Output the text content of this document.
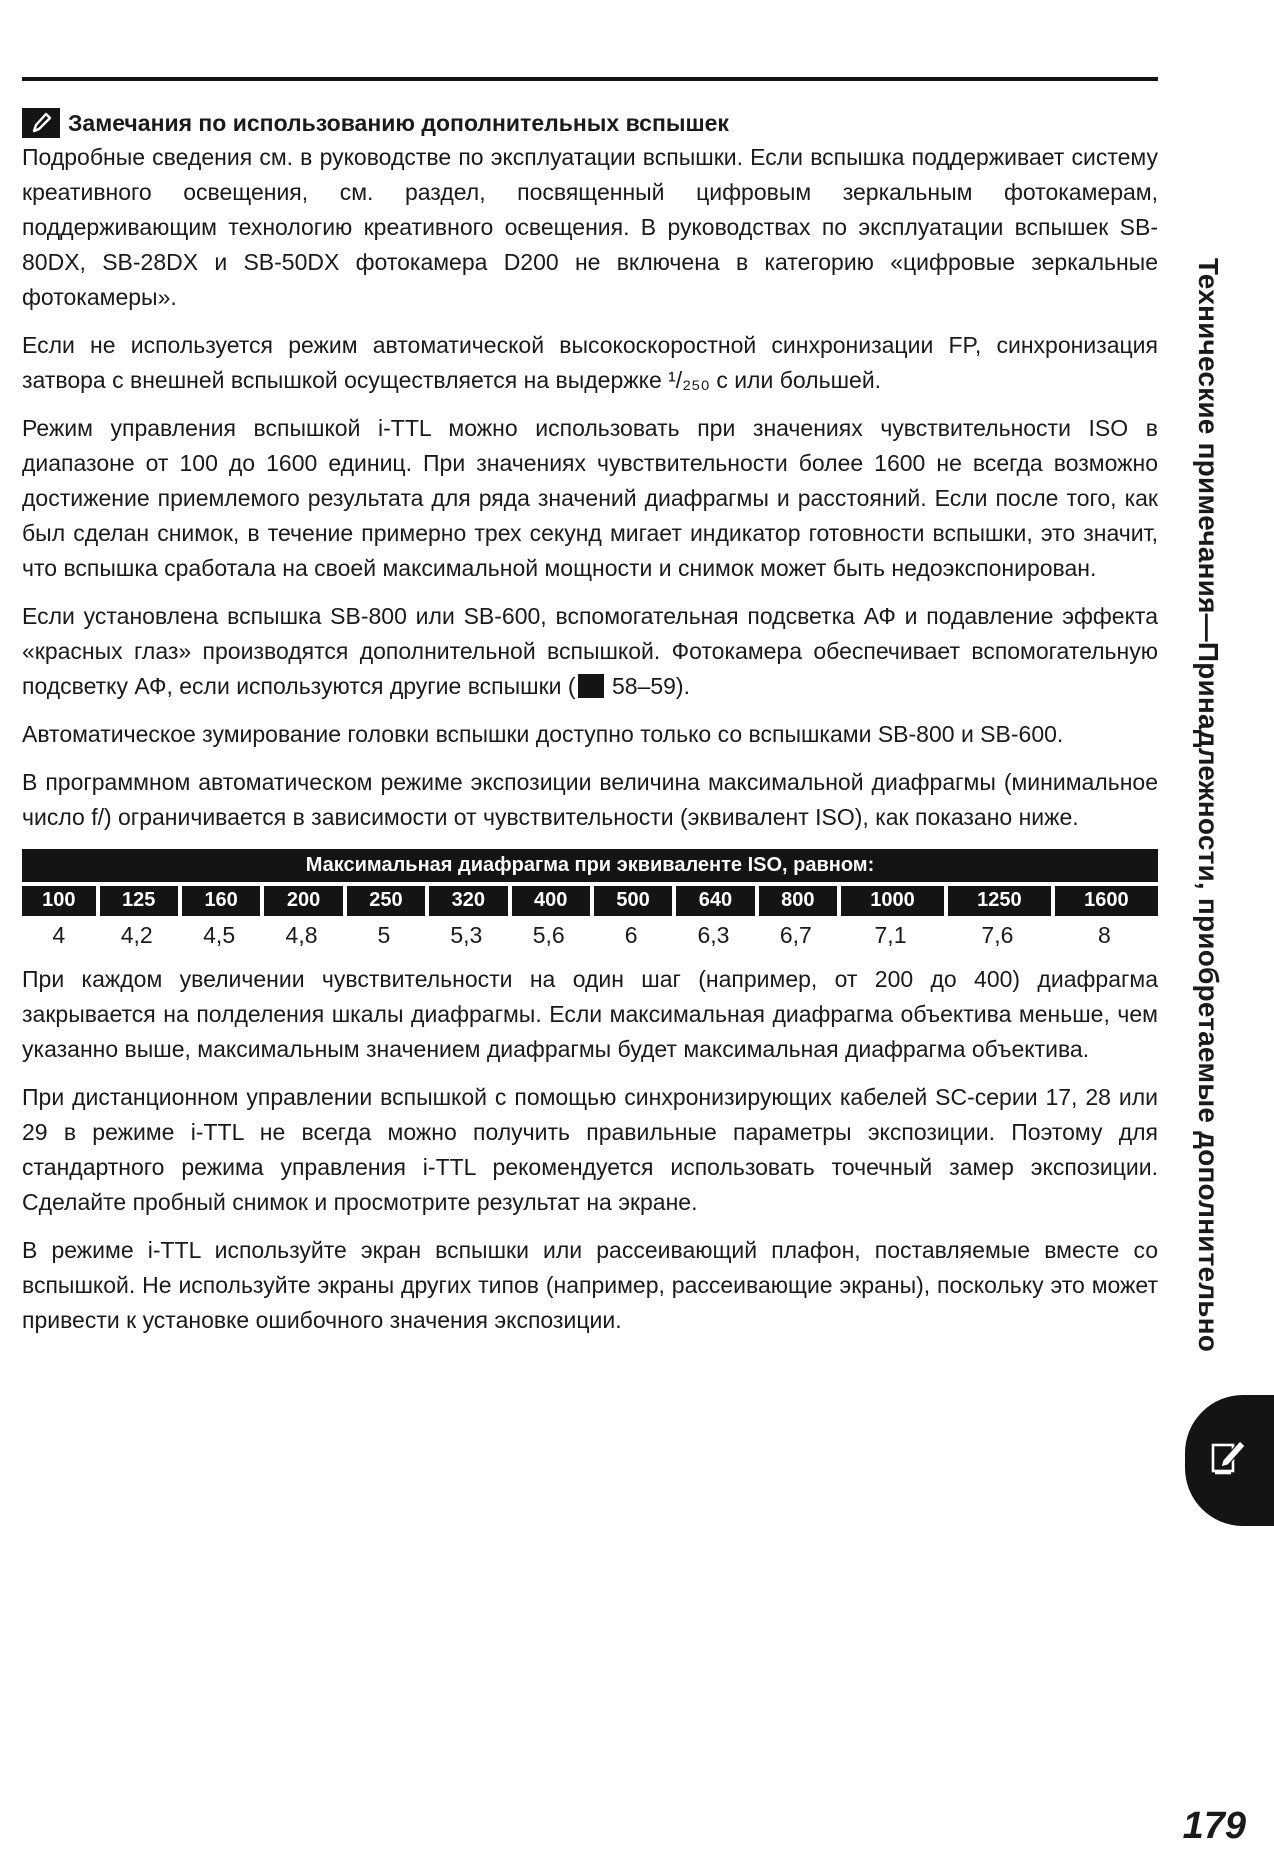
Замечания по использованию дополнительных вспышек

Подробные сведения см. в руководстве по эксплуатации вспышки. Если вспышка поддерживает систему креативного освещения, см. раздел, посвященный цифровым зеркальным фотокамерам, поддерживающим технологию креативного освещения. В руководствах по эксплуатации вспышек SB-80DX, SB-28DX и SB-50DX фотокамера D200 не включена в категорию «цифровые зеркальные фотокамеры».

Если не используется режим автоматической высокоскоростной синхронизации FP, синхронизация затвора с внешней вспышкой осуществляется на выдержке ¹/₂₅₀ с или большей.

Режим управления вспышкой i-TTL можно использовать при значениях чувствительности ISO в диапазоне от 100 до 1600 единиц. При значениях чувствительности более 1600 не всегда возможно достижение приемлемого результата для ряда значений диафрагмы и расстояний. Если после того, как был сделан снимок, в течение примерно трех секунд мигает индикатор готовности вспышки, это значит, что вспышка сработала на своей максимальной мощности и снимок может быть недоэкспонирован.

Если установлена вспышка SB-800 или SB-600, вспомогательная подсветка АФ и подавление эффекта «красных глаз» производятся дополнительной вспышкой. Фотокамера обеспечивает вспомогательную подсветку АФ, если используются другие вспышки ( 58–59).

Автоматическое зумирование головки вспышки доступно только со вспышками SB-800 и SB-600.

В программном автоматическом режиме экспозиции величина максимальной диафрагмы (минимальное число f/) ограничивается в зависимости от чувствительности (эквивалент ISO), как показано ниже.

Максимальная диафрагма при эквиваленте ISO, равном:												
100	125	160	200	250	320	400	500	640	800	1000	1250	1600
4	4,2	4,5	4,8	5	5,3	5,6	6	6,3	6,7	7,1	7,6	8

При каждом увеличении чувствительности на один шаг (например, от 200 до 400) диафрагма закрывается на полделения шкалы диафрагмы. Если максимальная диафрагма объектива меньше, чем указанно выше, максимальным значением диафрагмы будет максимальная диафрагма объектива.

При дистанционном управлении вспышкой с помощью синхронизирующих кабелей SC-серии 17, 28 или 29 в режиме i-TTL не всегда можно получить правильные параметры экспозиции. Поэтому для стандартного режима управления i-TTL рекомендуется использовать точечный замер экспозиции. Сделайте пробный снимок и просмотрите результат на экране.

В режиме i-TTL используйте экран вспышки или рассеивающий плафон, поставляемые вместе со вспышкой. Не используйте экраны других типов (например, рассеивающие экраны), поскольку это может привести к установке ошибочного значения экспозиции.	Технические примечания—Принадлежности, приобретаемые дополнительно
179
